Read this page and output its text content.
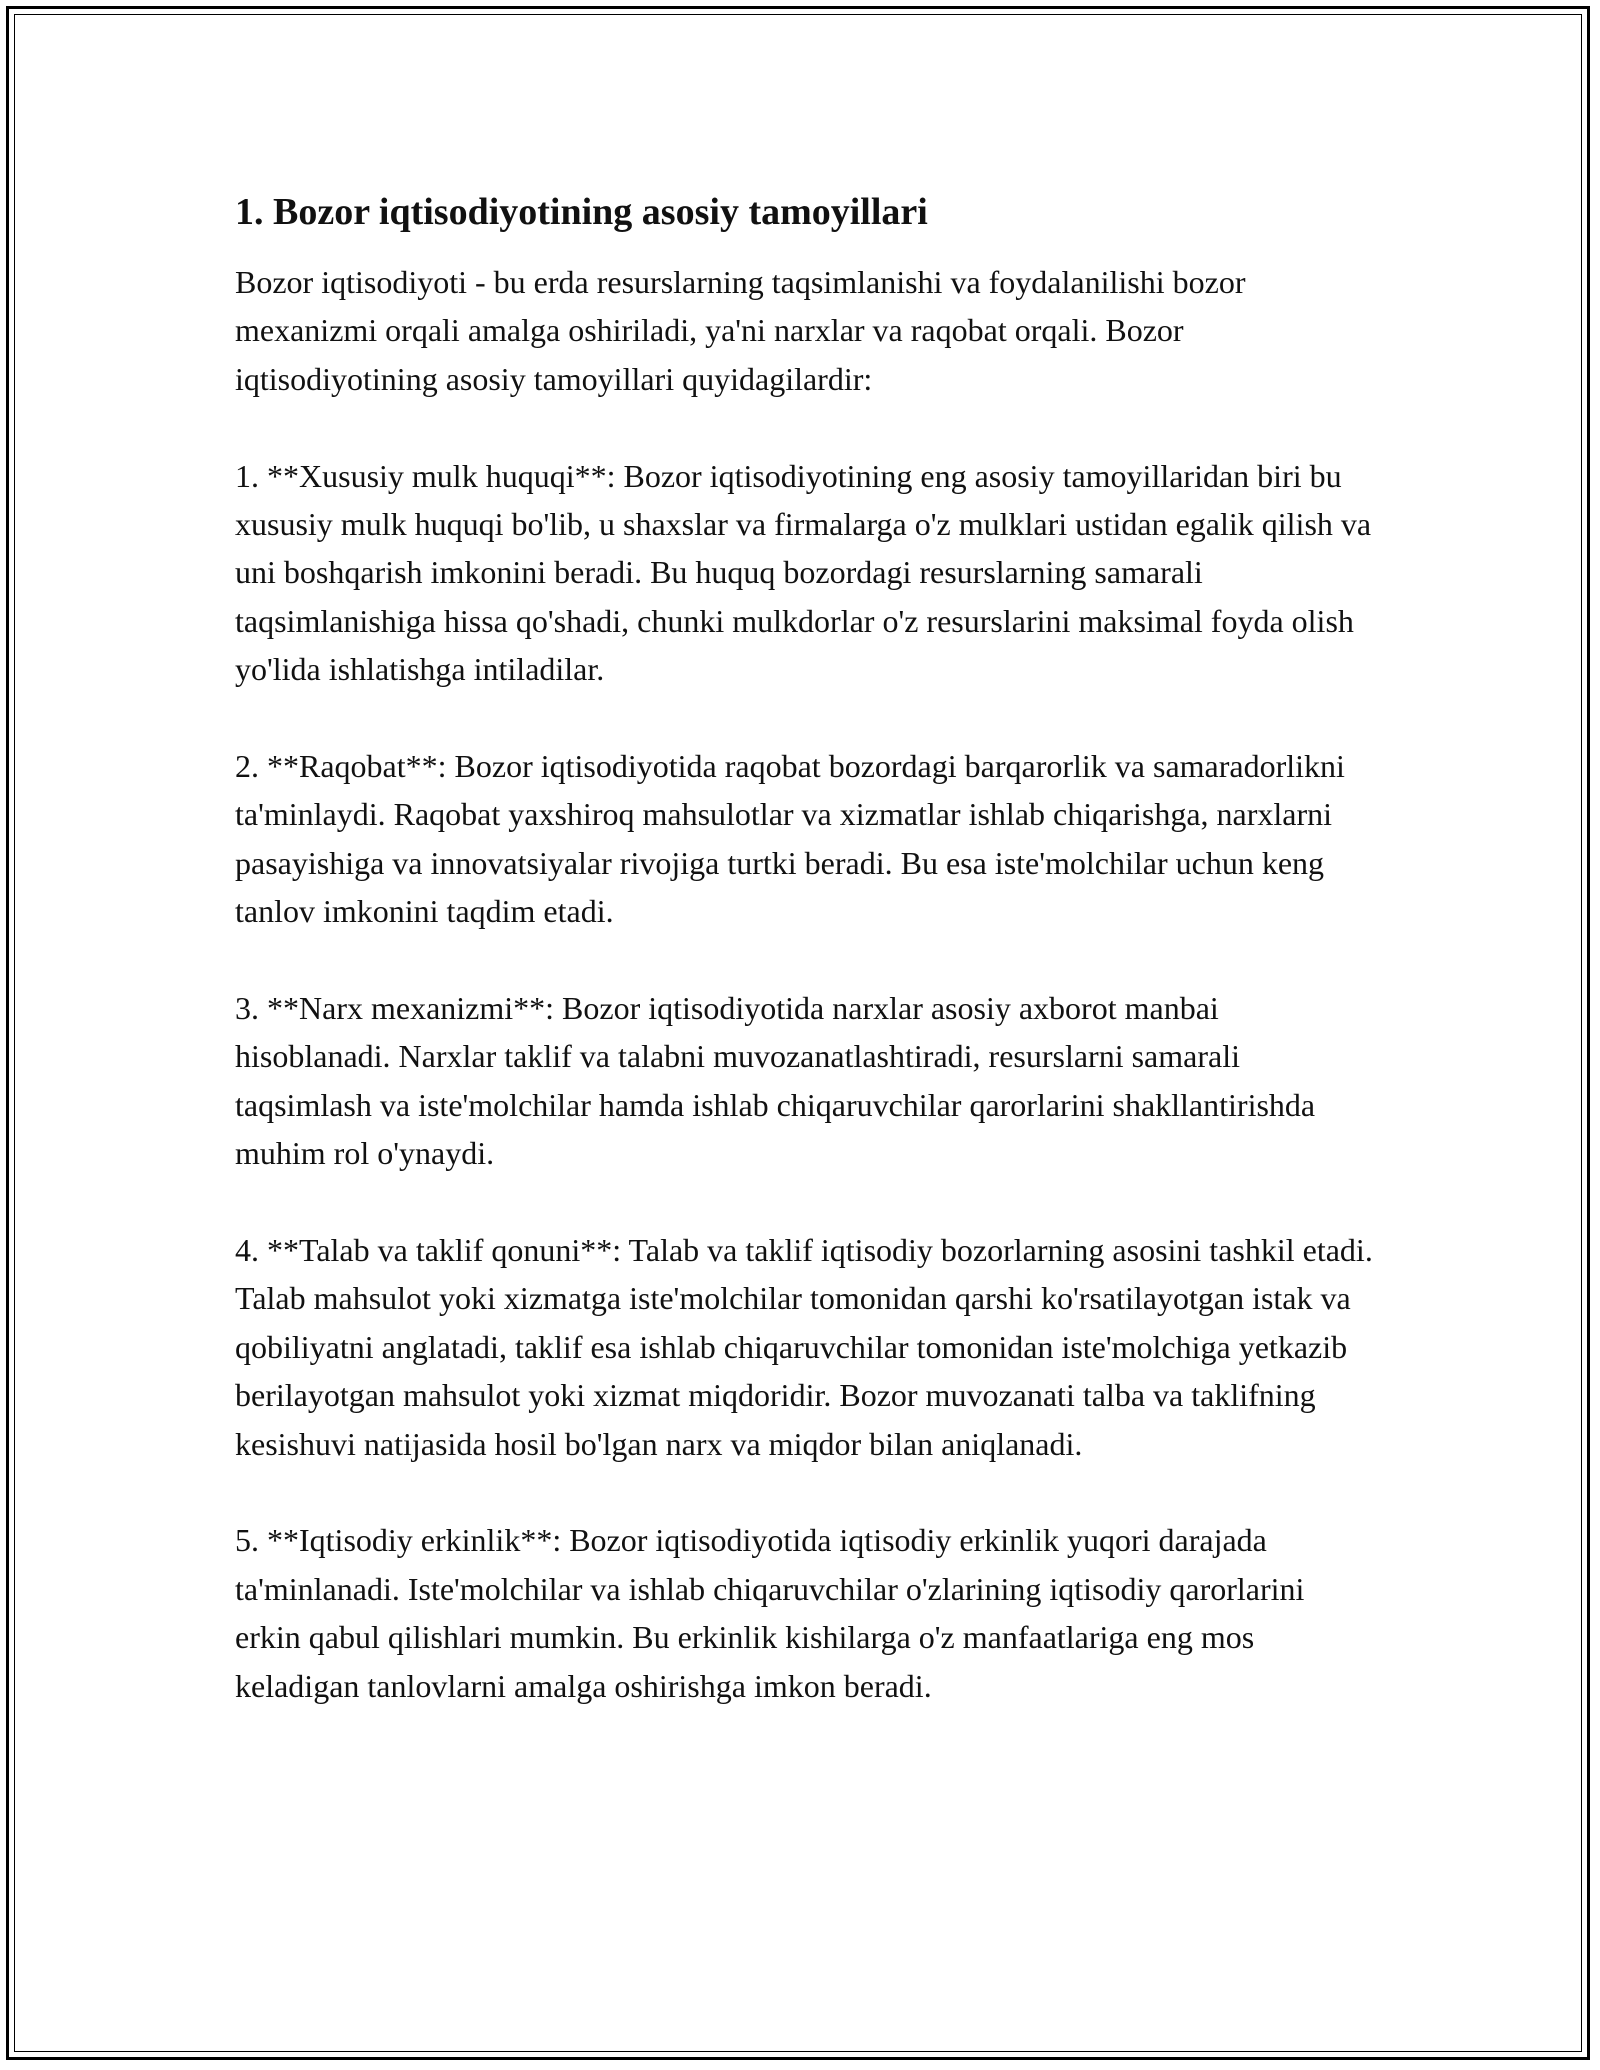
1. Bozor iqtisodiyotining asosiy tamoyillari

Bozor iqtisodiyoti - bu erda resurslarning taqsimlanishi va foydalanilishi bozor mexanizmi orqali amalga oshiriladi, ya'ni narxlar va raqobat orqali. Bozor iqtisodiyotining asosiy tamoyillari quyidagilardir:

1. **Xususiy mulk huquqi**: Bozor iqtisodiyotining eng asosiy tamoyillaridan biri bu xususiy mulk huquqi bo'lib, u shaxslar va firmalarga o'z mulklari ustidan egalik qilish va uni boshqarish imkonini beradi. Bu huquq bozordagi resurslarning samarali taqsimlanishiga hissa qo'shadi, chunki mulkdorlar o'z resurslarini maksimal foyda olish yo'lida ishlatishga intiladilar.

2. **Raqobat**: Bozor iqtisodiyotida raqobat bozordagi barqarorlik va samaradorlikni ta'minlaydi. Raqobat yaxshiroq mahsulotlar va xizmatlar ishlab chiqarishga, narxlarni pasayishiga va innovatsiyalar rivojiga turtki beradi. Bu esa iste'molchilar uchun keng tanlov imkonini taqdim etadi.

3. **Narx mexanizmi**: Bozor iqtisodiyotida narxlar asosiy axborot manbai hisoblanadi. Narxlar taklif va talabni muvozanatlashtiradi, resurslarni samarali taqsimlash va iste'molchilar hamda ishlab chiqaruvchilar qarorlarini shakllantirishda muhim rol o'ynaydi.

4. **Talab va taklif qonuni**: Talab va taklif iqtisodiy bozorlarning asosini tashkil etadi. Talab mahsulot yoki xizmatga iste'molchilar tomonidan qarshi ko'rsatilayotgan istak va qobiliyatni anglatadi, taklif esa ishlab chiqaruvchilar tomonidan iste'molchiga yetkazib berilayotgan mahsulot yoki xizmat miqdoridir. Bozor muvozanati talba va taklifning kesishuvi natijasida hosil bo'lgan narx va miqdor bilan aniqlanadi.

5. **Iqtisodiy erkinlik**: Bozor iqtisodiyotida iqtisodiy erkinlik yuqori darajada ta'minlanadi. Iste'molchilar va ishlab chiqaruvchilar o'zlarining iqtisodiy qarorlarini erkin qabul qilishlari mumkin. Bu erkinlik kishilarga o'z manfaatlariga eng mos keladigan tanlovlarni amalga oshirishga imkon beradi.
